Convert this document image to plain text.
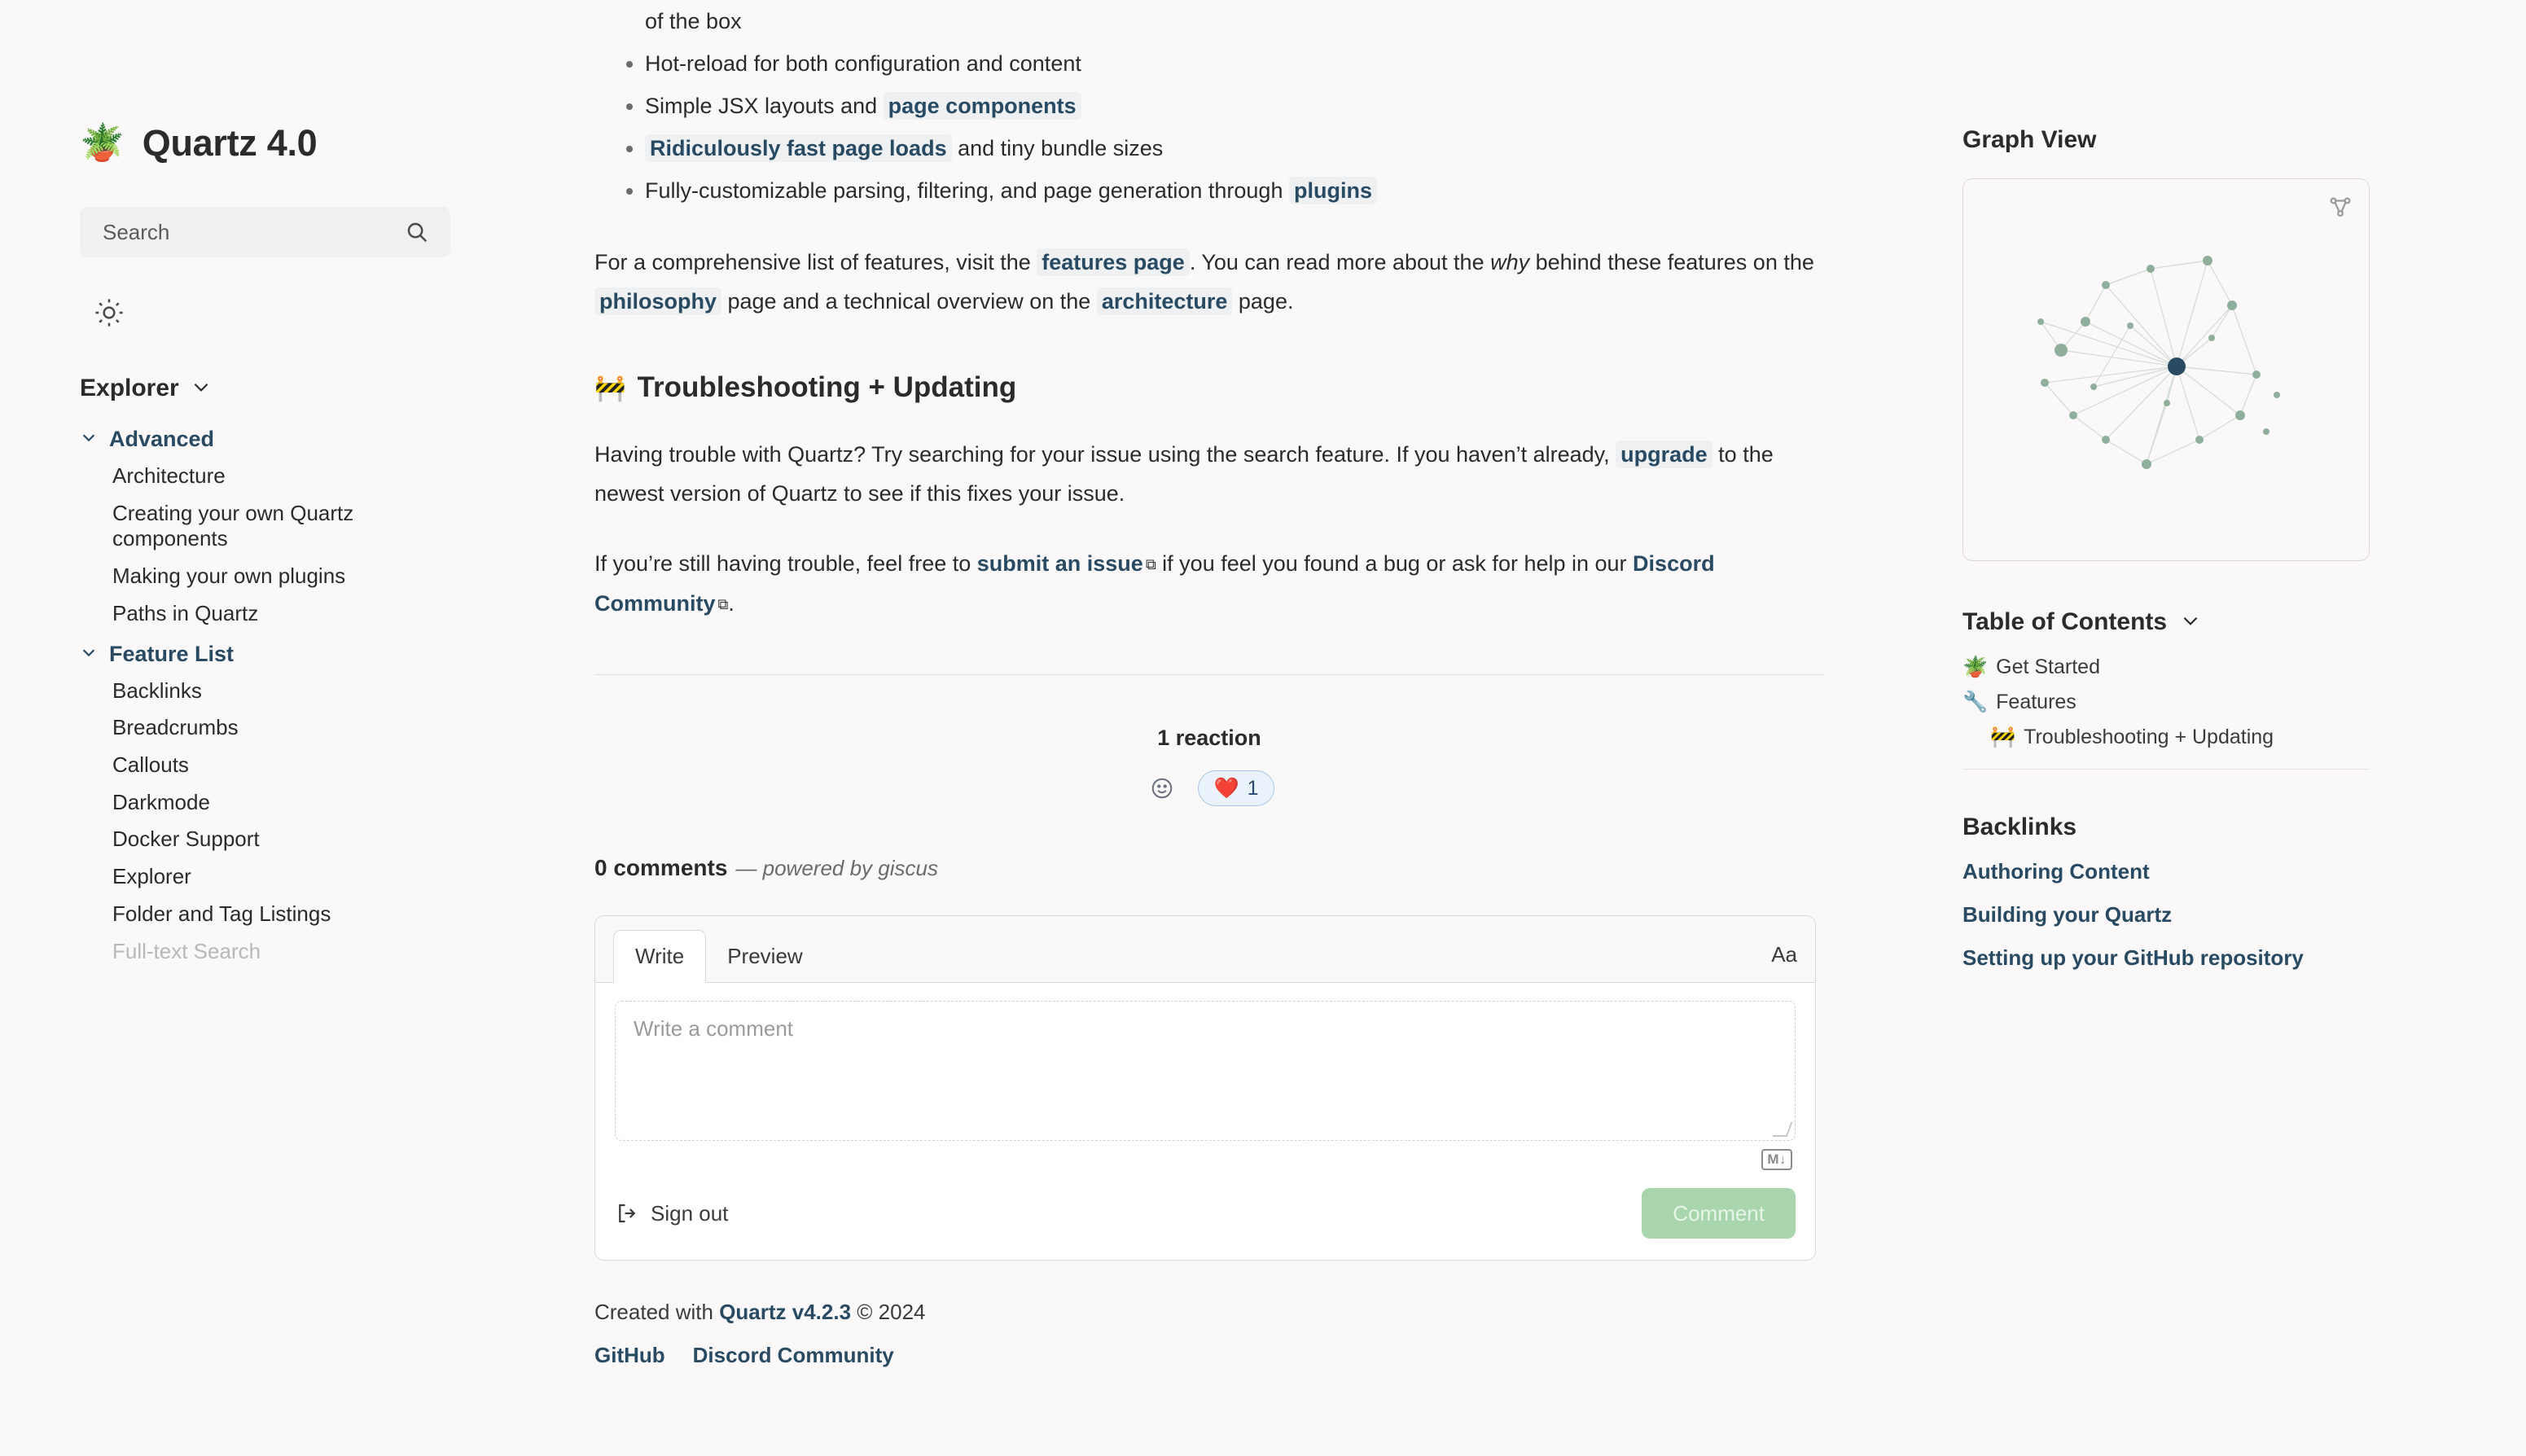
🪴 Quartz 4.0
Search
Explorer
Advanced
Architecture
Creating your own Quartz components
Making your own plugins
Paths in Quartz
Feature List
Backlinks
Breadcrumbs
Callouts
Darkmode
Docker Support
Explorer
Folder and Tag Listings
Full-text Search
of the box
• Hot-reload for both configuration and content
• Simple JSX layouts and page components
• Ridiculously fast page loads and tiny bundle sizes
• Fully-customizable parsing, filtering, and page generation through plugins

For a comprehensive list of features, visit the features page . You can read more about the why behind these features on the philosophy page and a technical overview on the architecture page.

🚧 Troubleshooting + Updating

Having trouble with Quartz? Try searching for your issue using the search feature. If you haven’t already, upgrade to the newest version of Quartz to see if this fixes your issue.

If you’re still having trouble, feel free to submit an issue ⧉ if you feel you found a bug or ask for help in our Discord Community ⧉.

1 reaction
❤️ 1
0 comments — powered by giscus
Write	Preview	Aa
Write a comment
M↓
Sign out	Comment
Created with Quartz v4.2.3 © 2024
GitHub Discord Community
Graph View
Table of Contents
🪴 Get Started
🔧 Features
🚧 Troubleshooting + Updating
Backlinks
Authoring Content
Building your Quartz
Setting up your GitHub repository
